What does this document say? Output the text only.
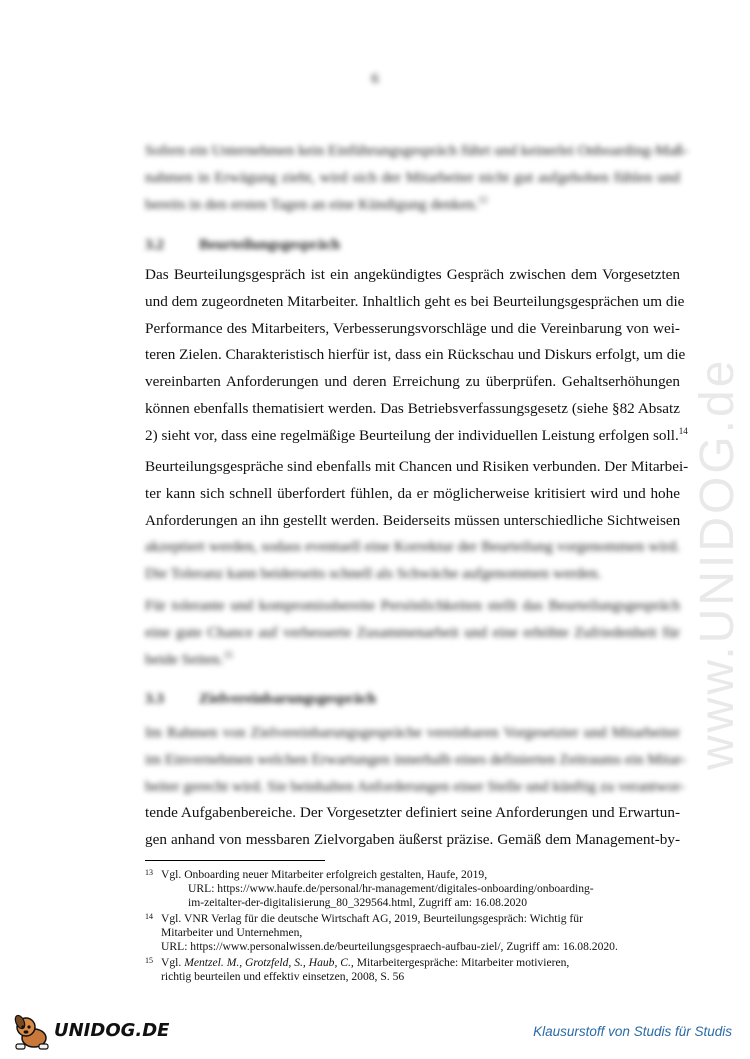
www.UNIDOG.de
6
Sofern ein Unternehmen kein Einführungsgespräch führt und keinerlei Onboarding-Maß-
nahmen in Erwägung zieht, wird sich der Mitarbeiter nicht gut aufgehoben fühlen und
bereits in den ersten Tagen an eine Kündigung denken.$^{13}$
3.2 Beurteilungsgespräch
Das Beurteilungsgespräch ist ein angekündigtes Gespräch zwischen dem Vorgesetzten
und dem zugeordneten Mitarbeiter. Inhaltlich geht es bei Beurteilungsgesprächen um die
Performance des Mitarbeiters, Verbesserungsvorschläge und die Vereinbarung von wei-
teren Zielen. Charakteristisch hierfür ist, dass ein Rückschau und Diskurs erfolgt, um die
vereinbarten Anforderungen und deren Erreichung zu überprüfen. Gehaltserhöhungen
können ebenfalls thematisiert werden. Das Betriebsverfassungsgesetz (siehe §82 Absatz
2) sieht vor, dass eine regelmäßige Beurteilung der individuellen Leistung erfolgen soll.$^{14}$
Beurteilungsgespräche sind ebenfalls mit Chancen und Risiken verbunden. Der Mitarbei-
ter kann sich schnell überfordert fühlen, da er möglicherweise kritisiert wird und hohe
Anforderungen an ihn gestellt werden. Beiderseits müssen unterschiedliche Sichtweisen
akzeptiert werden, sodass eventuell eine Korrektur der Beurteilung vorgenommen wird.
Die Toleranz kann beiderseits schnell als Schwäche aufgenommen werden.
Für tolerante und kompromissbereite Persönlichkeiten stellt das Beurteilungsgespräch
eine gute Chance auf verbesserte Zusammenarbeit und eine erhöhte Zufriedenheit für
beide Seiten.$^{15}$
3.3 Zielvereinbarungsgespräch
Im Rahmen von Zielvereinbarungsgespräche vereinbaren Vorgesetzter und Mitarbeiter
im Einvernehmen welchen Erwartungen innerhalb eines definierten Zeitraums ein Mitar-
beiter gerecht wird. Sie beinhalten Anforderungen einer Stelle und künftig zu verantwor-
tende Aufgabenbereiche. Der Vorgesetzter definiert seine Anforderungen und Erwartun-
gen anhand von messbaren Zielvorgaben äußerst präzise. Gemäß dem Management-by-
13 Vgl. Onboarding neuer Mitarbeiter erfolgreich gestalten, Haufe, 2019,
URL: https://www.haufe.de/personal/hr-management/digitales-onboarding/onboarding-
im-zeitalter-der-digitalisierung_80_329564.html, Zugriff am: 16.08.2020
14 Vgl. VNR Verlag für die deutsche Wirtschaft AG, 2019, Beurteilungsgespräch: Wichtig für
Mitarbeiter und Unternehmen,
URL: https://www.personalwissen.de/beurteilungsgespraech-aufbau-ziel/, Zugriff am: 16.08.2020.
15 Vgl. Mentzel. M., Grotzfeld, S., Haub, C., Mitarbeitergespräche: Mitarbeiter motivieren,
richtig beurteilen und effektiv einsetzen, 2008, S. 56
UNIDOG.DE	Klausurstoff von Studis für Studis
